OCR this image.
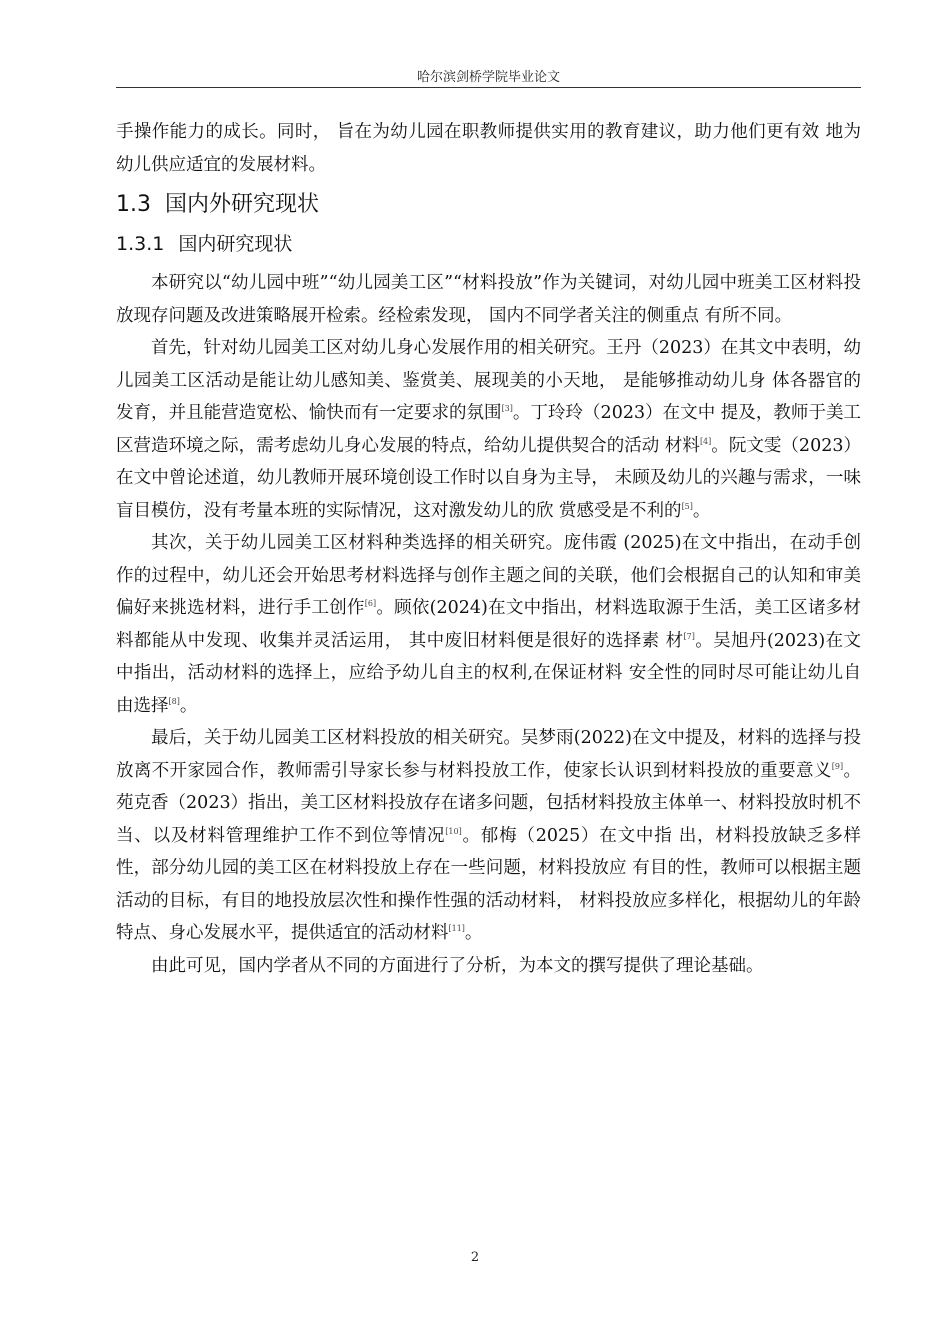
哈尔滨剑桥学院毕业论文

手操作能力的成长。同时， 旨在为幼儿园在职教师提供实用的教育建议，助力他们更有效 地为幼儿供应适宜的发展材料。

1.3 国内外研究现状
1.3.1 国内研究现状

本研究以“幼儿园中班”“幼儿园美工区”“材料投放”作为关键词，对幼儿园中班美工区材料投放现存问题及改进策略展开检索。经检索发现， 国内不同学者关注的侧重点 有所不同。

首先，针对幼儿园美工区对幼儿身心发展作用的相关研究。王丹（2023）在其文中表明，幼儿园美工区活动是能让幼儿感知美、鉴赏美、展现美的小天地， 是能够推动幼儿身 体各器官的发育，并且能营造宽松、愉快而有一定要求的氛围[3]。丁玲玲（2023）在文中 提及，教师于美工区营造环境之际，需考虑幼儿身心发展的特点，给幼儿提供契合的活动 材料[4]。阮文雯（2023）在文中曾论述道，幼儿教师开展环境创设工作时以自身为主导， 未顾及幼儿的兴趣与需求，一味盲目模仿，没有考量本班的实际情况，这对激发幼儿的欣 赏感受是不利的[5]。

其次，关于幼儿园美工区材料种类选择的相关研究。庞伟霞 (2025)在文中指出，在动手创作的过程中，幼儿还会开始思考材料选择与创作主题之间的关联，他们会根据自己的认知和审美偏好来挑选材料，进行手工创作[6]。顾依(2024)在文中指出，材料选取源于生活，美工区诸多材料都能从中发现、收集并灵活运用， 其中废旧材料便是很好的选择素 材[7]。吴旭丹(2023)在文中指出，活动材料的选择上，应给予幼儿自主的权利,在保证材料 安全性的同时尽可能让幼儿自由选择[8]。

最后，关于幼儿园美工区材料投放的相关研究。吴梦雨(2022)在文中提及，材料的选择与投放离不开家园合作，教师需引导家长参与材料投放工作，使家长认识到材料投放的重要意义[9]。苑克香（2023）指出，美工区材料投放存在诸多问题，包括材料投放主体单一、材料投放时机不当、以及材料管理维护工作不到位等情况[10]。郁梅（2025）在文中指 出，材料投放缺乏多样性，部分幼儿园的美工区在材料投放上存在一些问题，材料投放应 有目的性，教师可以根据主题活动的目标，有目的地投放层次性和操作性强的活动材料， 材料投放应多样化，根据幼儿的年龄特点、身心发展水平，提供适宜的活动材料[11]。

由此可见，国内学者从不同的方面进行了分析，为本文的撰写提供了理论基础。

2
